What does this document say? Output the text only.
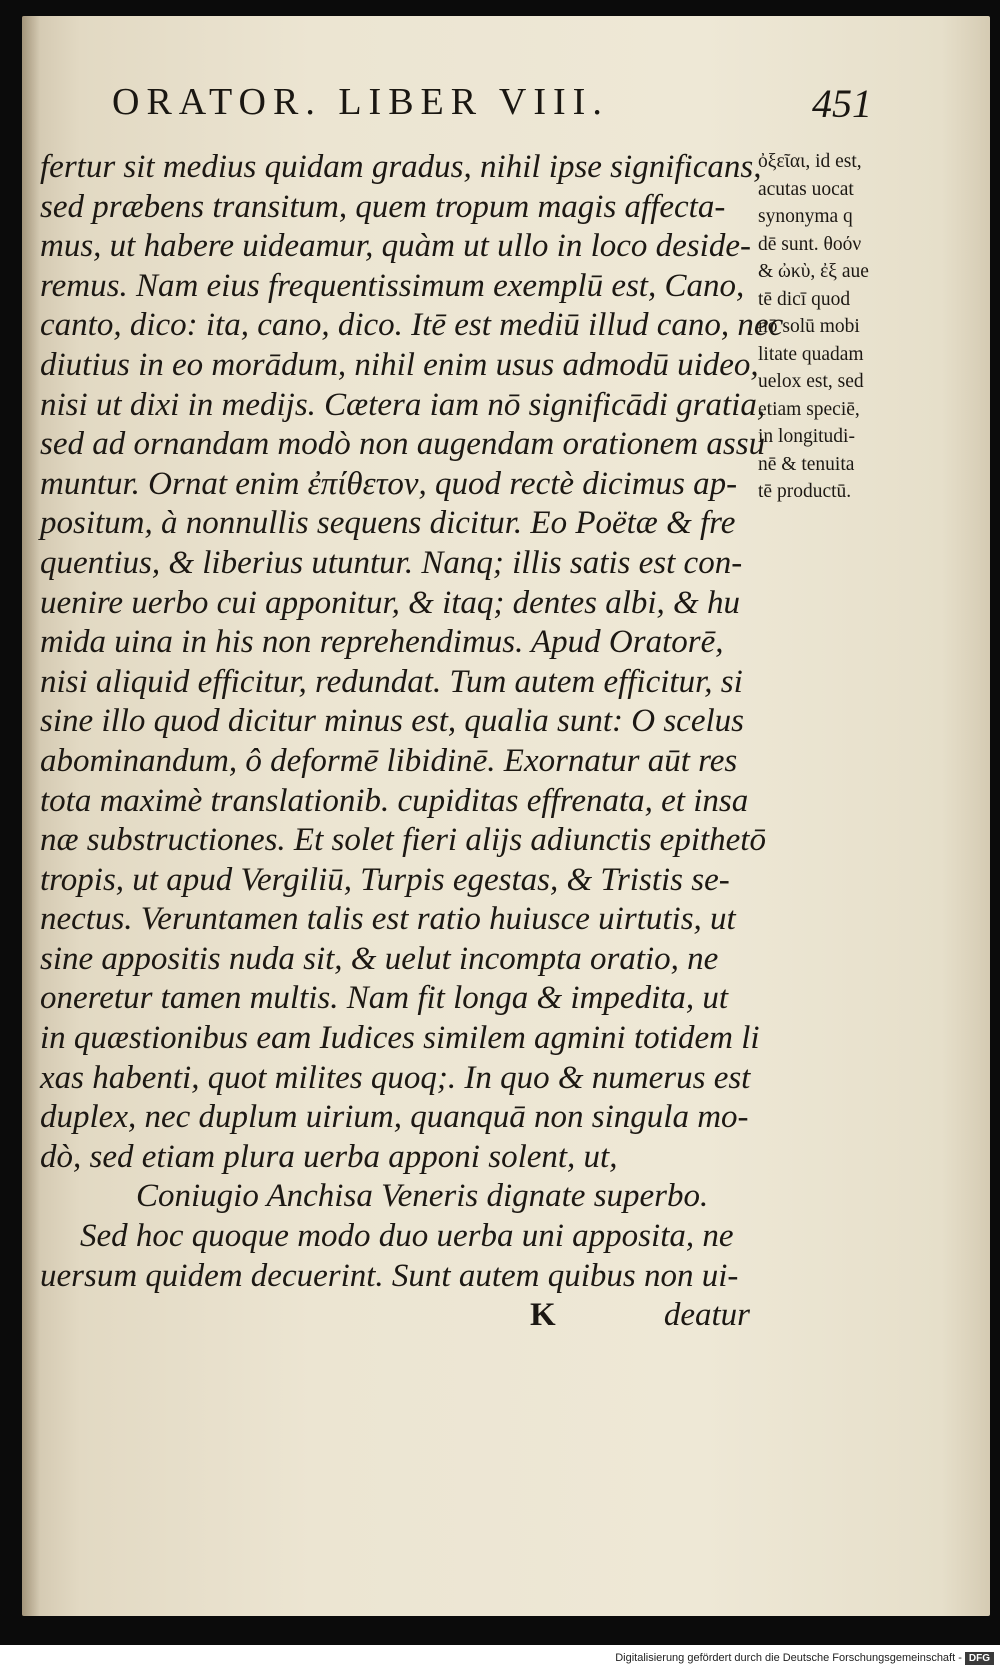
ORATOR. LIBER VIII.	451
fertur sit medius quidam gradus, nihil ipse significans,
sed præbens transitum, quem tropum magis affecta-
mus, ut habere uideamur, quàm ut ullo in loco deside-
remus. Nam eius frequentissimum exemplū est, Cano,
canto, dico: ita, cano, dico. Itē est mediū illud cano, nec
diutius in eo morādum, nihil enim usus admodū uideo,
nisi ut dixi in medijs. Cætera iam nō significādi gratia,
sed ad ornandam modò non augendam orationem assu
muntur. Ornat enim ἐπίθετον, quod rectè dicimus ap-
positum, à nonnullis sequens dicitur. Eo Poëtæ & fre
quentius, & liberius utuntur. Nanq; illis satis est con-
uenire uerbo cui apponitur, & itaq; dentes albi, & hu
mida uina in his non reprehendimus. Apud Oratorē,
nisi aliquid efficitur, redundat. Tum autem efficitur, si
sine illo quod dicitur minus est, qualia sunt: O scelus
abominandum, ô deformē libidinē. Exornatur aūt res
tota maximè translationib. cupiditas effrenata, et insa
næ substructiones. Et solet fieri alijs adiunctis epithetō
tropis, ut apud Vergiliū, Turpis egestas, & Tristis se-
nectus. Veruntamen talis est ratio huiusce uirtutis, ut
sine appositis nuda sit, & uelut incompta oratio, ne
oneretur tamen multis. Nam fit longa & impedita, ut
in quæstionibus eam Iudices similem agmini totidem li
xas habenti, quot milites quoq;. In quo & numerus est
duplex, nec duplum uirium, quanquā non singula mo-
dò, sed etiam plura uerba apponi solent, ut,
Coniugio Anchisa Veneris dignate superbo.
Sed hoc quoque modo duo uerba uni apposita, ne
uersum quidem decuerint. Sunt autem quibus non ui-
K	deatur
ὀξεῖαι, id est,
acutas uocat
synonyma q
dē sunt. θοόν
& ὠκὺ, ἐξ aue
tē dicī quod
nō solū mobi
litate quadam
uelox est, sed
etiam speciē,
in longitudi-
nē & tenuita
tē productū.
Digitalisierung gefördert durch die Deutsche Forschungsgemeinschaft - DFG
